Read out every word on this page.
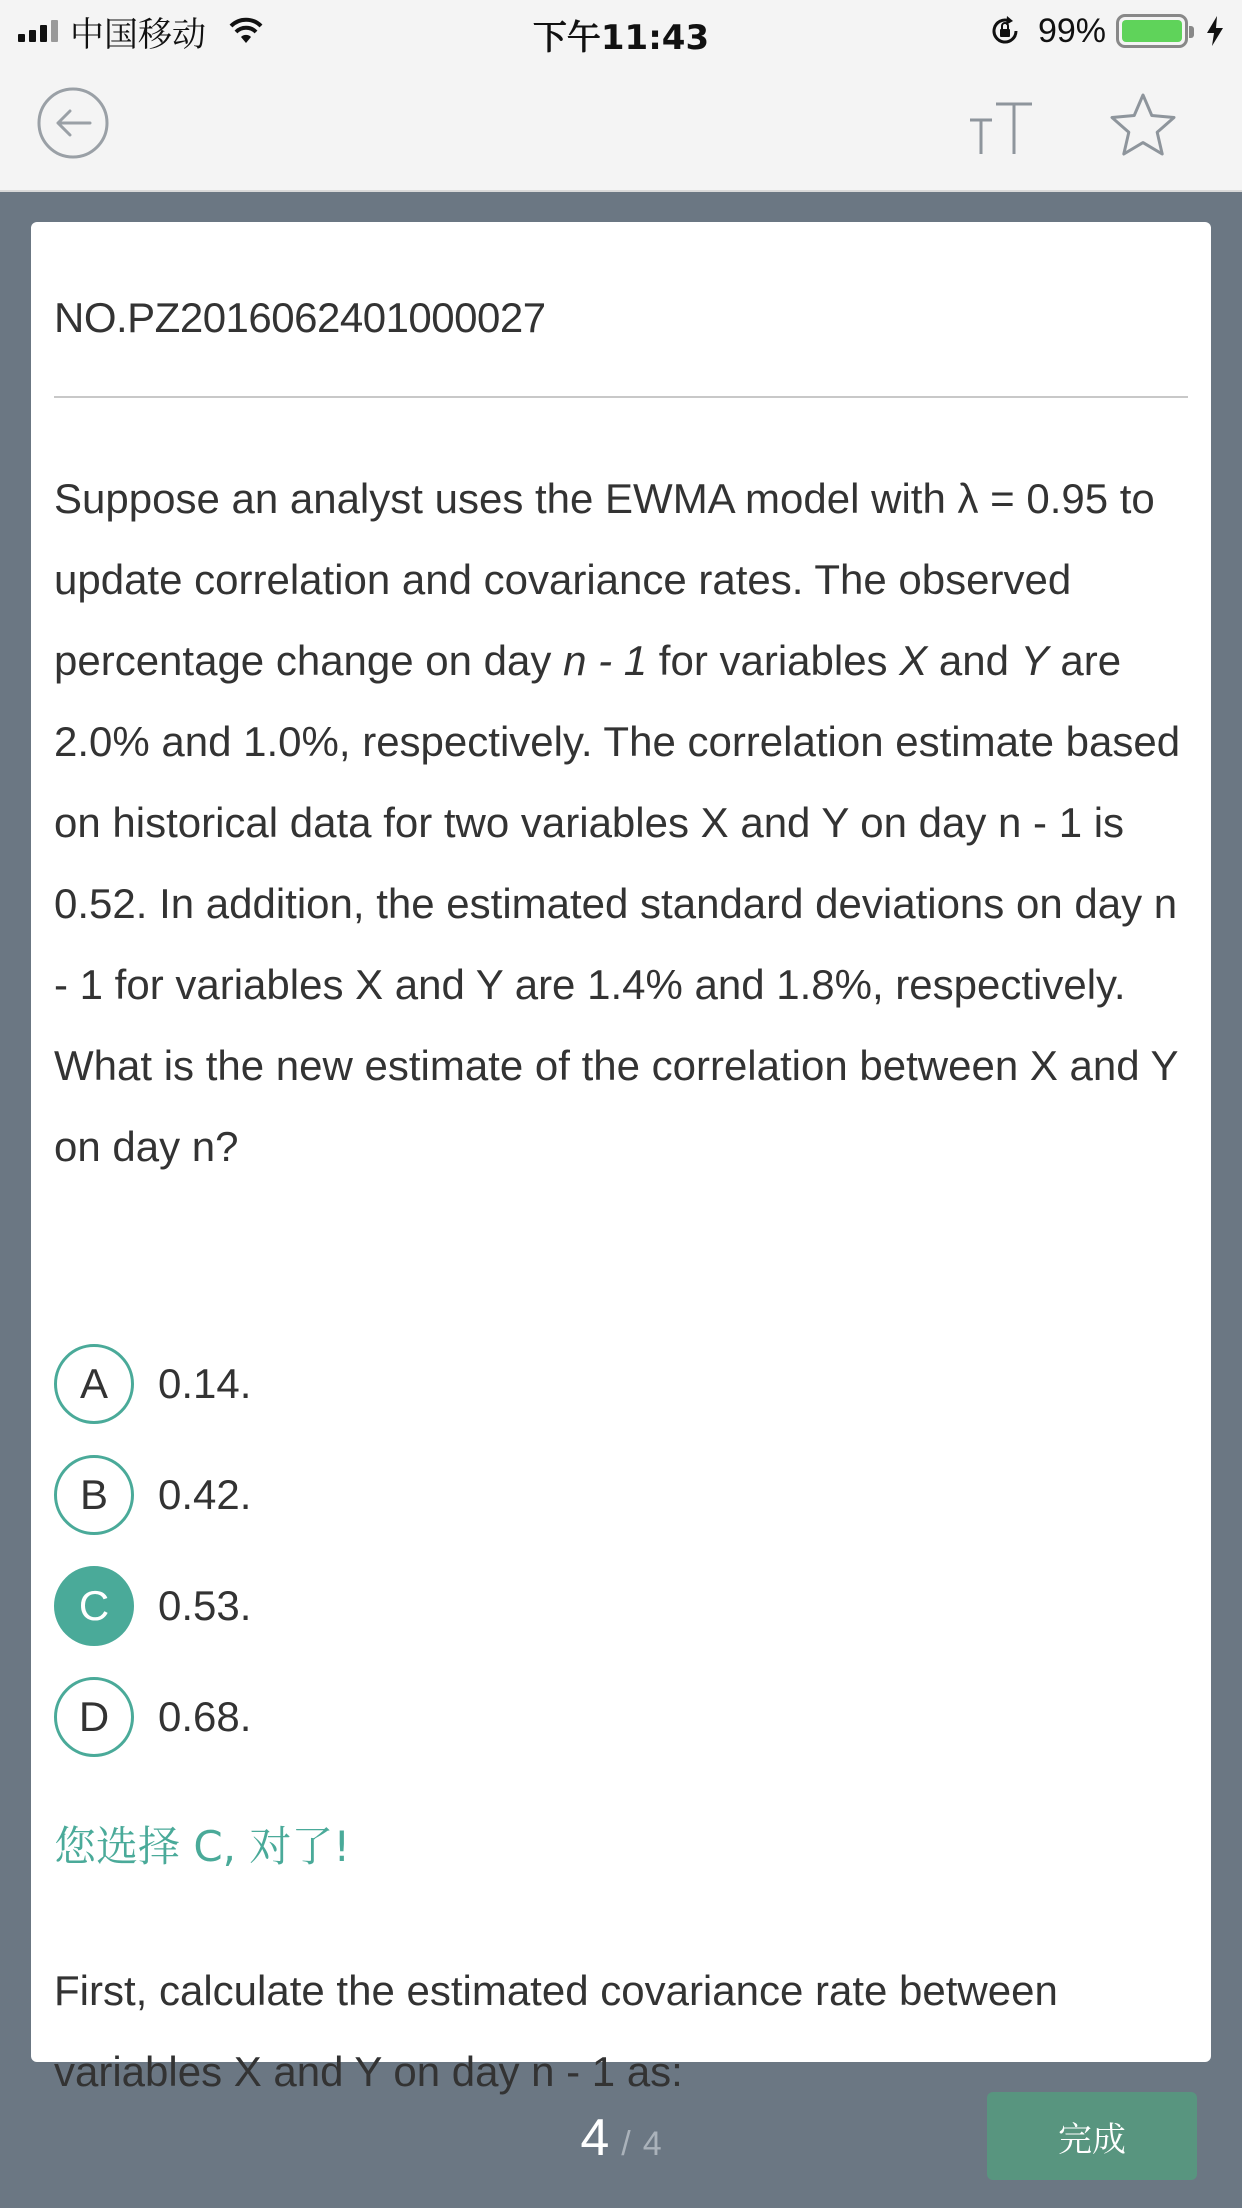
中国移动	下午11:43	99%
NO.PZ2016062401000027
Suppose an analyst uses the EWMA model with λ = 0.95 to update correlation and covariance rates. The observed percentage change on day n - 1 for variables X and Y are 2.0% and 1.0%, respectively. The correlation estimate based on historical data for two variables X and Y on day n - 1 is 0.52. In addition, the estimated standard deviations on day n - 1 for variables X and Y are 1.4% and 1.8%, respectively. What is the new estimate of the correlation between X and Y on day n?
A	0.14.
B	0.42.
C	0.53.
D	0.68.
您选择 C, 对了!
First, calculate the estimated covariance rate between variables X and Y on day n - 1 as:
4 / 4	完成
